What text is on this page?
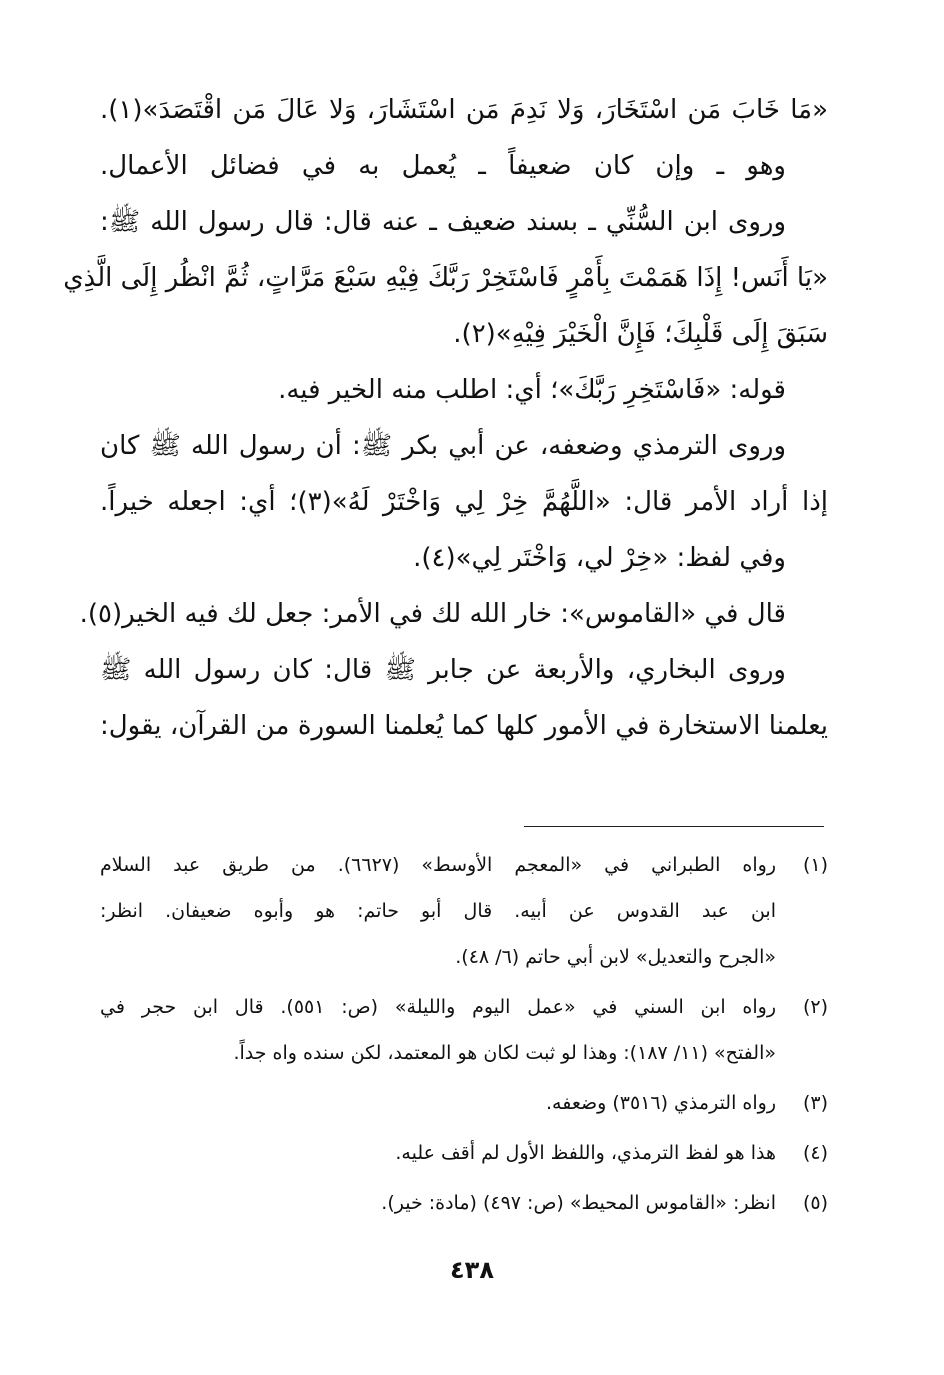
«مَا خَابَ مَن اسْتَخَارَ، وَلا نَدِمَ مَن اسْتَشَارَ، وَلا عَالَ مَن اقْتَصَدَ»(١).
وهو ـ وإن كان ضعيفاً ـ يُعمل به في فضائل الأعمال.
وروى ابن السُّنِّي ـ بسند ضعيف ـ عنه قال: قال رسول الله ﷺ:
«يَا أَنَس! إِذَا هَمَمْتَ بِأَمْرٍ فَاسْتَخِرْ رَبَّكَ فِيْهِ سَبْعَ مَرَّاتٍ، ثُمَّ انْظُر إِلَى الَّذِي
سَبَقَ إِلَى قَلْبِكَ؛ فَإِنَّ الْخَيْرَ فِيْهِ»(٢).
قوله: «فَاسْتَخِرِ رَبَّكَ»؛ أي: اطلب منه الخير فيه.
وروى الترمذي وضعفه، عن أبي بكر ﷺ: أن رسول الله ﷺ كان
إذا أراد الأمر قال: «اللَّهُمَّ خِرْ لِي وَاخْتَرْ لَهُ»(٣)؛ أي: اجعله خيراً.
وفي لفظ: «خِرْ لي، وَاخْتَر لِي»(٤).
قال في «القاموس»: خار الله لك في الأمر: جعل لك فيه الخير(٥).
وروى البخاري، والأربعة عن جابر ﷺ قال: كان رسول الله ﷺ
يعلمنا الاستخارة في الأمور كلها كما يُعلمنا السورة من القرآن، يقول:
(١)
رواه الطبراني في «المعجم الأوسط» (٦٦٢٧). من طريق عبد السلام
ابن عبد القدوس عن أبيه. قال أبو حاتم: هو وأبوه ضعيفان. انظر:
«الجرح والتعديل» لابن أبي حاتم (٦/ ٤٨).
(٢)
رواه ابن السني في «عمل اليوم والليلة» (ص: ٥٥١). قال ابن حجر في
«الفتح» (١١/ ١٨٧): وهذا لو ثبت لكان هو المعتمد، لكن سنده واه جداً.
(٣)
رواه الترمذي (٣٥١٦) وضعفه.
(٤)
هذا هو لفظ الترمذي، واللفظ الأول لم أقف عليه.
(٥)
انظر: «القاموس المحيط» (ص: ٤٩٧) (مادة: خير).
٤٣٨
